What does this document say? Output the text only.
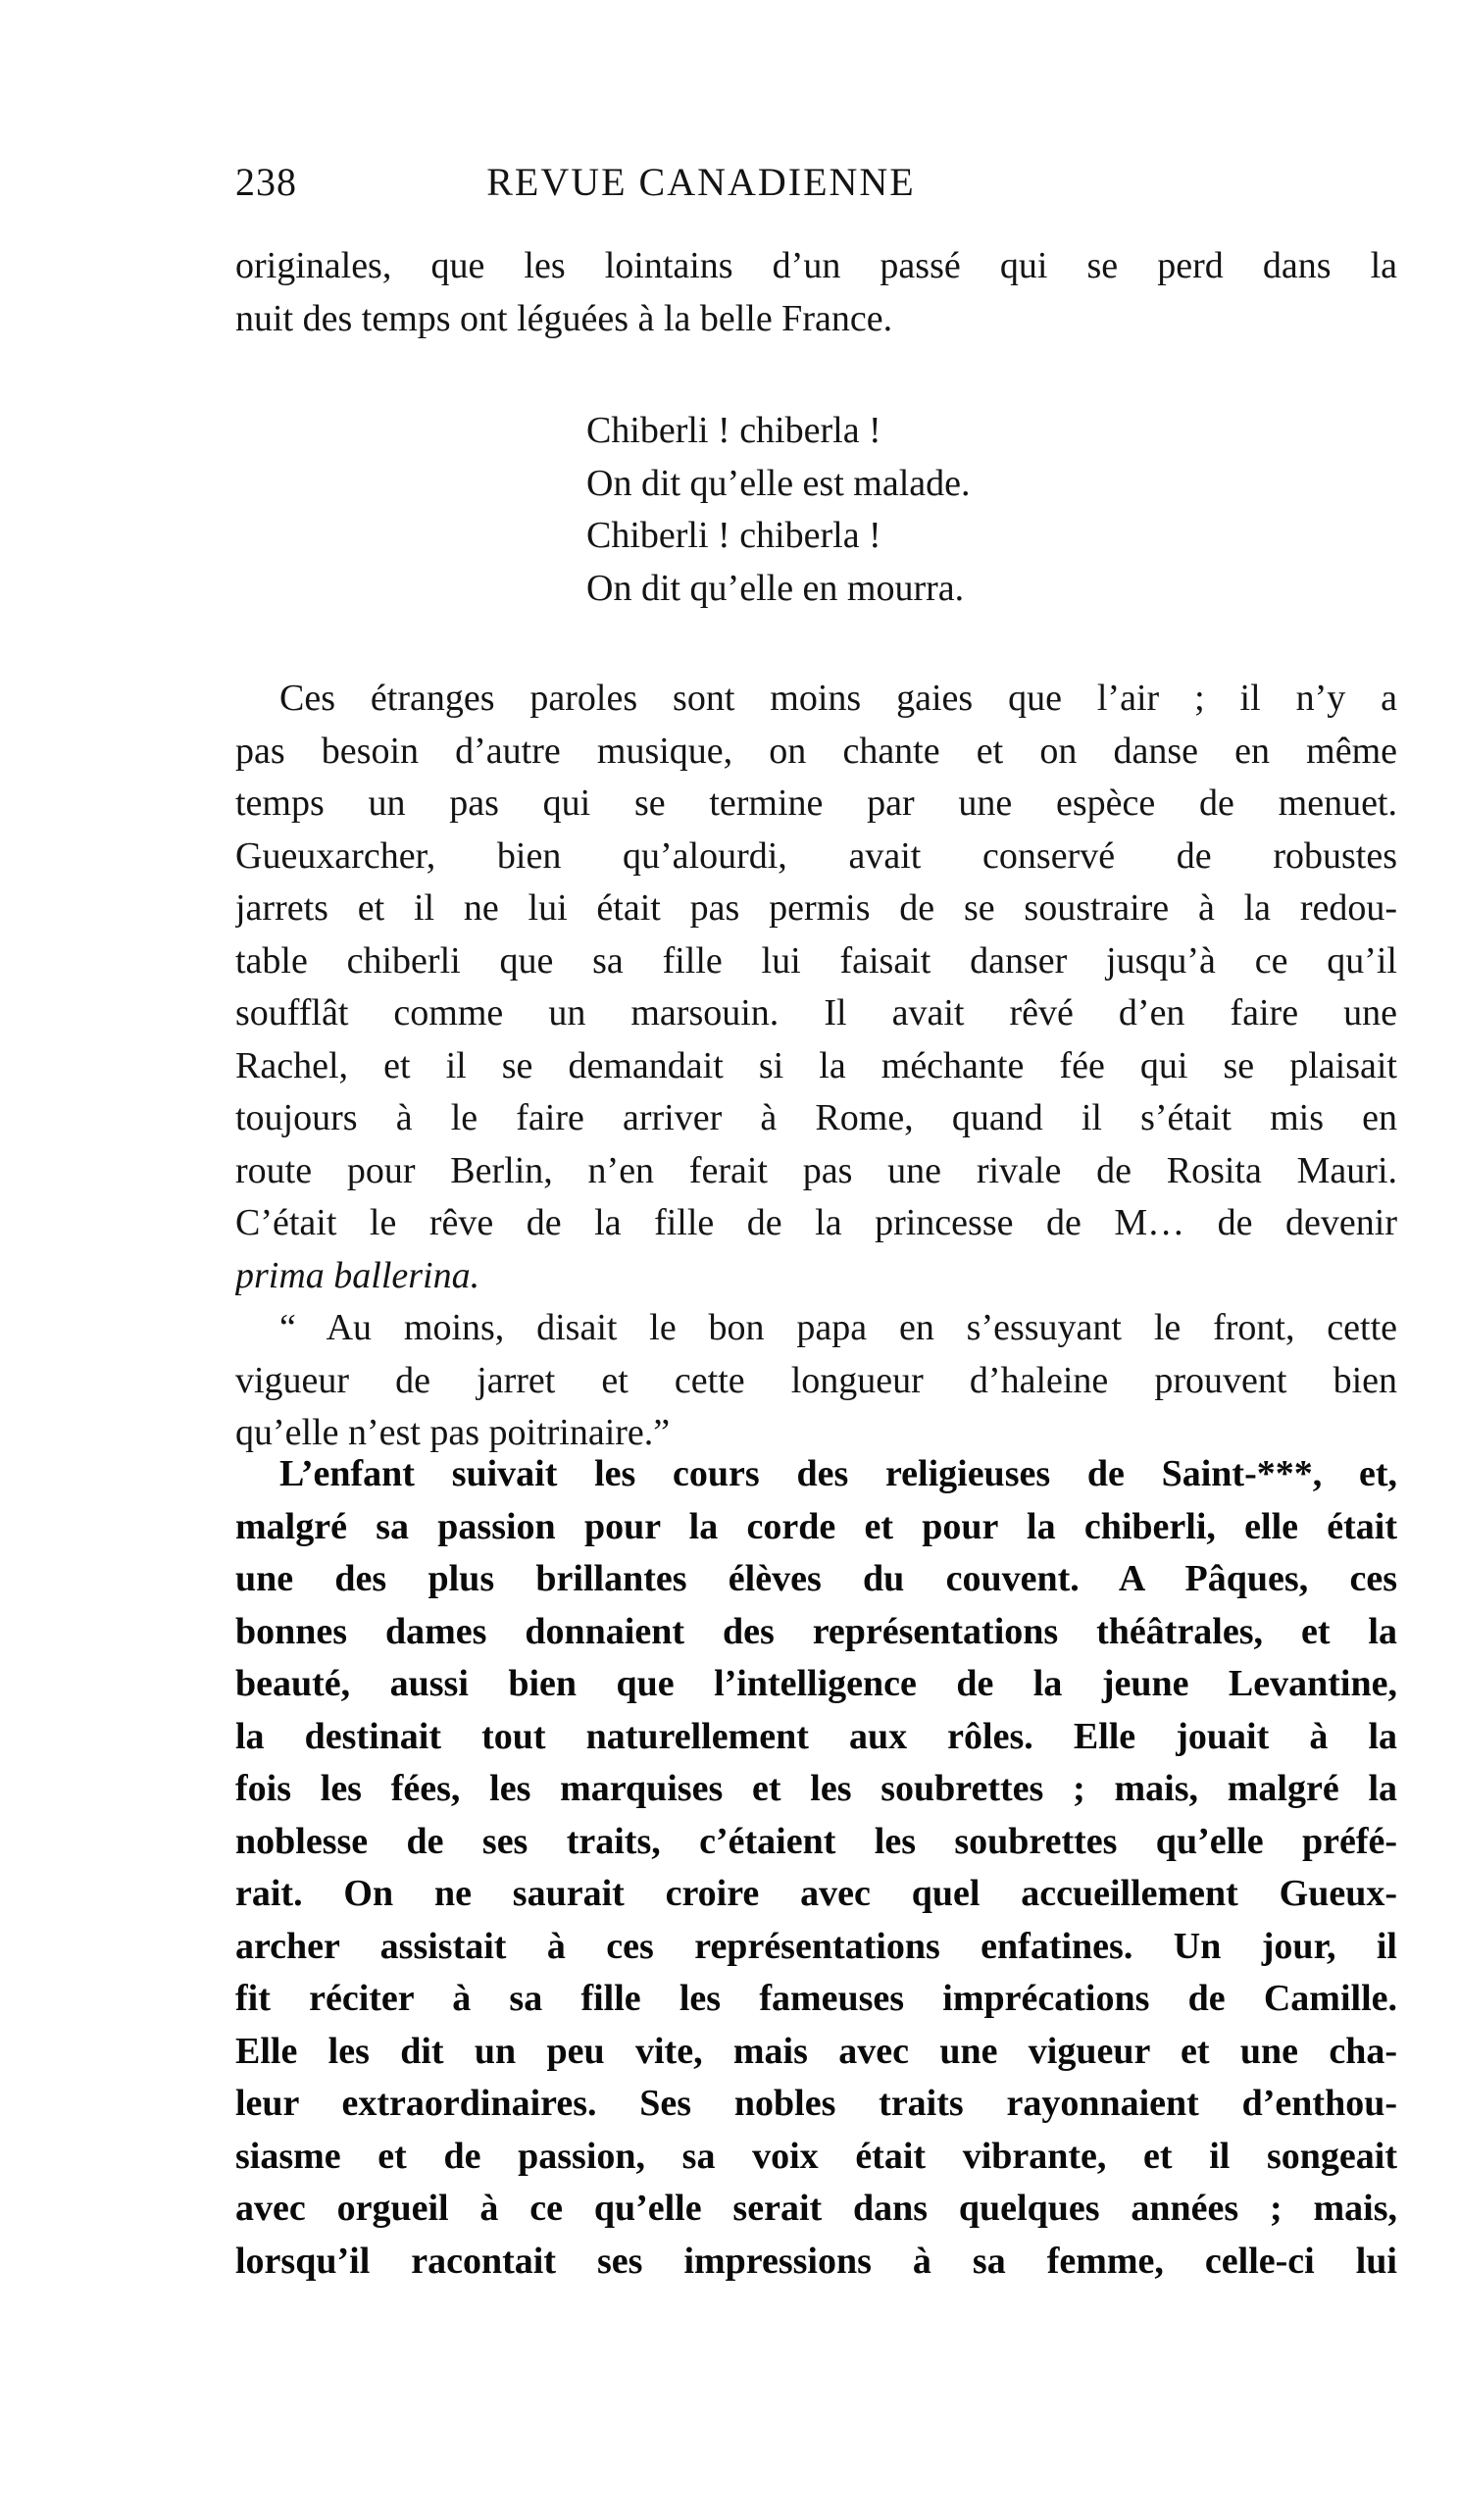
238	REVUE CANADIENNE
originales, que les lointains d’un passé qui se perd dans la
nuit des temps ont léguées à la belle France.
Chiberli ! chiberla !
On dit qu’elle est malade.
Chiberli ! chiberla !
On dit qu’elle en mourra.
Ces étranges paroles sont moins gaies que l’air ; il n’y a
pas besoin d’autre musique, on chante et on danse en même
temps un pas qui se termine par une espèce de menuet.
Gueuxarcher, bien qu’alourdi, avait conservé de robustes
jarrets et il ne lui était pas permis de se soustraire à la redou-
table chiberli que sa fille lui faisait danser jusqu’à ce qu’il
soufflât comme un marsouin. Il avait rêvé d’en faire une
Rachel, et il se demandait si la méchante fée qui se plaisait
toujours à le faire arriver à Rome, quand il s’était mis en
route pour Berlin, n’en ferait pas une rivale de Rosita Mauri.
C’était le rêve de la fille de la princesse de M… de devenir
prima ballerina.
“ Au moins, disait le bon papa en s’essuyant le front, cette
vigueur de jarret et cette longueur d’haleine prouvent bien
qu’elle n’est pas poitrinaire.”
L’enfant suivait les cours des religieuses de Saint-***, et,
malgré sa passion pour la corde et pour la chiberli, elle était
une des plus brillantes élèves du couvent. A Pâques, ces
bonnes dames donnaient des représentations théâtrales, et la
beauté, aussi bien que l’intelligence de la jeune Levantine,
la destinait tout naturellement aux rôles. Elle jouait à la
fois les fées, les marquises et les soubrettes ; mais, malgré la
noblesse de ses traits, c’étaient les soubrettes qu’elle préfé-
rait. On ne saurait croire avec quel accueillement Gueux-
archer assistait à ces représentations enfatines. Un jour, il
fit réciter à sa fille les fameuses imprécations de Camille.
Elle les dit un peu vite, mais avec une vigueur et une cha-
leur extraordinaires. Ses nobles traits rayonnaient d’enthou-
siasme et de passion, sa voix était vibrante, et il songeait
avec orgueil à ce qu’elle serait dans quelques années ; mais,
lorsqu’il racontait ses impressions à sa femme, celle-ci lui
